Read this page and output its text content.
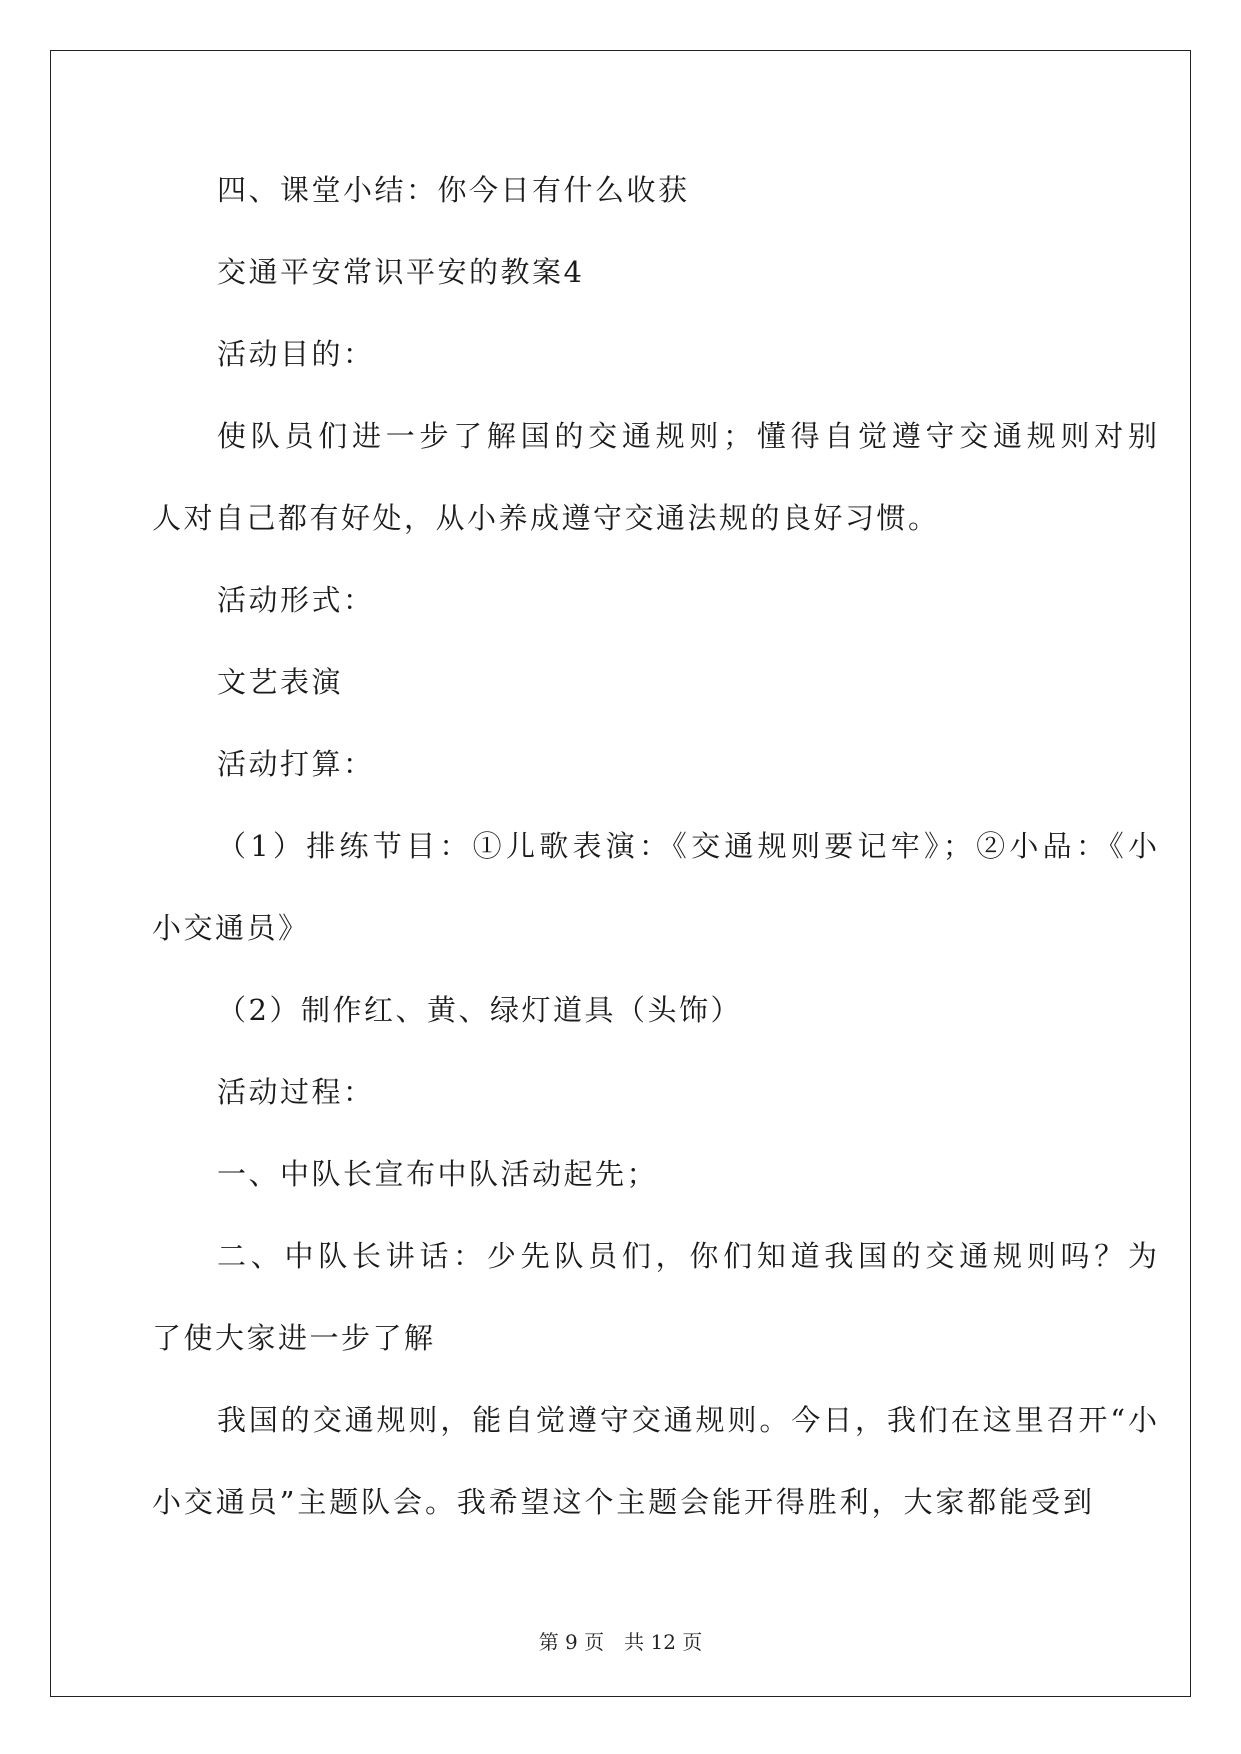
四、课堂小结：你今日有什么收获
交通平安常识平安的教案4
活动目的：
使队员们进一步了解国的交通规则；懂得自觉遵守交通规则对别
人对自己都有好处，从小养成遵守交通法规的良好习惯。
活动形式：
文艺表演
活动打算：
（1）排练节目：①儿歌表演：《交通规则要记牢》；②小品：《小
小交通员》
（2）制作红、黄、绿灯道具（头饰）
活动过程：
一、中队长宣布中队活动起先；
二、中队长讲话：少先队员们，你们知道我国的交通规则吗？为
了使大家进一步了解
我国的交通规则，能自觉遵守交通规则。今日，我们在这里召开“小
小交通员”主题队会。我希望这个主题会能开得胜利，大家都能受到
第 9 页　共 12 页
